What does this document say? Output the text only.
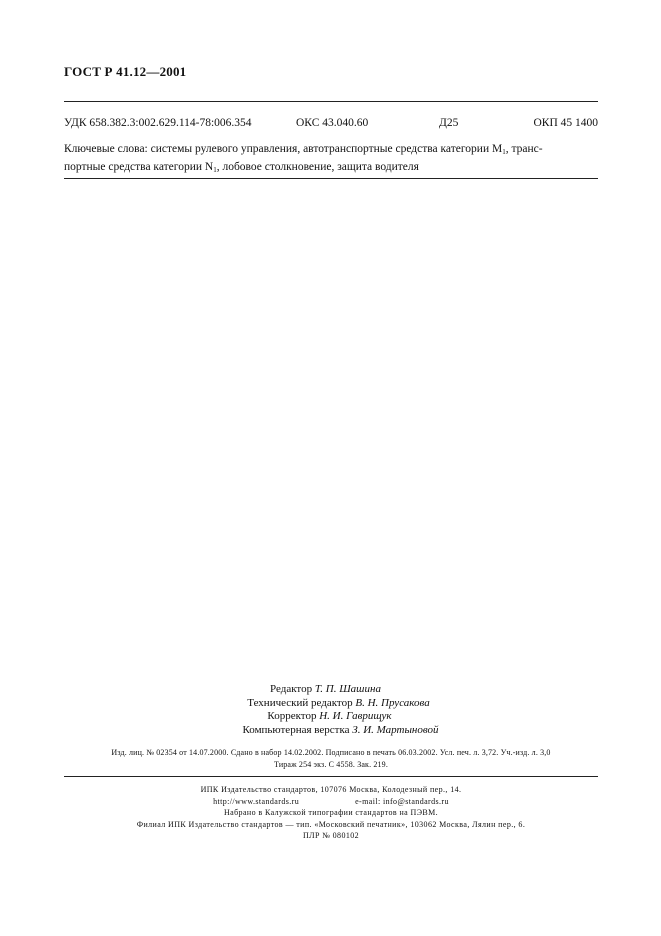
ГОСТ Р 41.12—2001
УДК 658.382.3:002.629.114-78:006.354	ОКС 43.040.60	Д25	ОКП 45 1400
Ключевые слова: системы рулевого управления, автотранспортные средства категории $M_1$, транс-
портные средства категории $N_1$, лобовое столкновение, защита водителя
Редактор Т. П. Шашина
Технический редактор В. Н. Прусакова
Корректор Н. И. Гаврищук
Компьютерная верстка З. И. Мартыновой
Изд. лиц. № 02354 от 14.07.2000. Сдано в набор 14.02.2002. Подписано в печать 06.03.2002. Усл. печ. л. 3,72. Уч.-изд. л. 3,0
Тираж 254 экз. С 4558. Зак. 219.
ИПК Издательство стандартов, 107076 Москва, Колодезный пер., 14.
http://www.standards.ru	e-mail: info@standards.ru
Набрано в Калужской типографии стандартов на ПЭВМ.
Филиал ИПК Издательство стандартов — тип. «Московский печатник», 103062 Москва, Лялин пер., 6.
ПЛР № 080102
